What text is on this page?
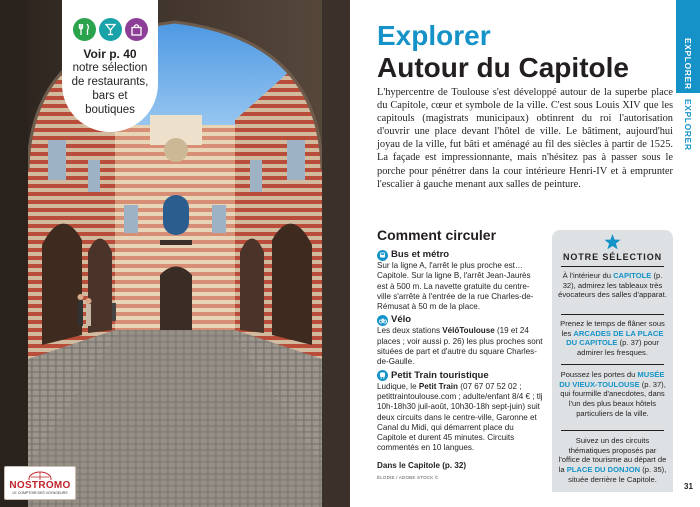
Voir p. 40
notre sélection de restaurants, bars et boutiques
NOSTROMO
LE COMPTOIR DES VOYAGEURS
Explorer
Autour du Capitole

L'hypercentre de Toulouse s'est développé autour de la superbe place du Capitole, cœur et symbole de la ville. C'est sous Louis XIV que les capitouls (magistrats municipaux) obtinrent du roi l'autorisation d'ouvrir une place devant l'hôtel de ville. Le bâtiment, aujourd'hui joyau de la ville, fut bâti et aménagé au fil des siècles à partir de 1525. La façade est impressionnante, mais n'hésitez pas à passer sous le porche pour pénétrer dans la cour intérieure Henri-IV et à emprunter l'escalier à gauche menant aux salles de peinture.

Comment circuler
Bus et métro

Sur la ligne A, l'arrêt le plus proche est… Capitole. Sur la ligne B, l'arrêt Jean-Jaurès est à 500 m. La navette gratuite du centre-ville s'arrête à l'entrée de la rue Charles-de-Rémusat à 50 m de la place.

Vélo

Les deux stations VélôToulouse (19 et 24 places ; voir aussi p. 26) les plus proches sont situées de part et d'autre du square Charles-de-Gaulle.

Petit Train touristique

Ludique, le Petit Train (07 67 07 52 02 ; petittraintoulouse.com ; adulte/enfant 8/4 € ; tlj 10h-18h30 juil-août, 10h30-18h sept-juin) suit deux circuits dans le centre-ville, Garonne et Canal du Midi, qui démarrent place du Capitole et durent 45 minutes. Circuits commentés en 10 langues.

Dans le Capitole (p. 32)

ÉLODIE / ADOBE STOCK ©

NOTRE SÉLECTION
À l'intérieur du CAPITOLE (p. 32), admirez les tableaux très évocateurs des salles d'apparat.
Prenez le temps de flâner sous les ARCADES DE LA PLACE DU CAPITOLE (p. 37) pour admirer les fresques.
Poussez les portes du MUSÉE DU VIEUX-TOULOUSE (p. 37), qui fourmille d'anecdotes, dans l'un des plus beaux hôtels particuliers de la ville.
Suivez un des circuits thématiques proposés par l'office de tourisme au départ de la PLACE DU DONJON (p. 35), située derrière le Capitole.
EXPLORER
EXPLORER
31
